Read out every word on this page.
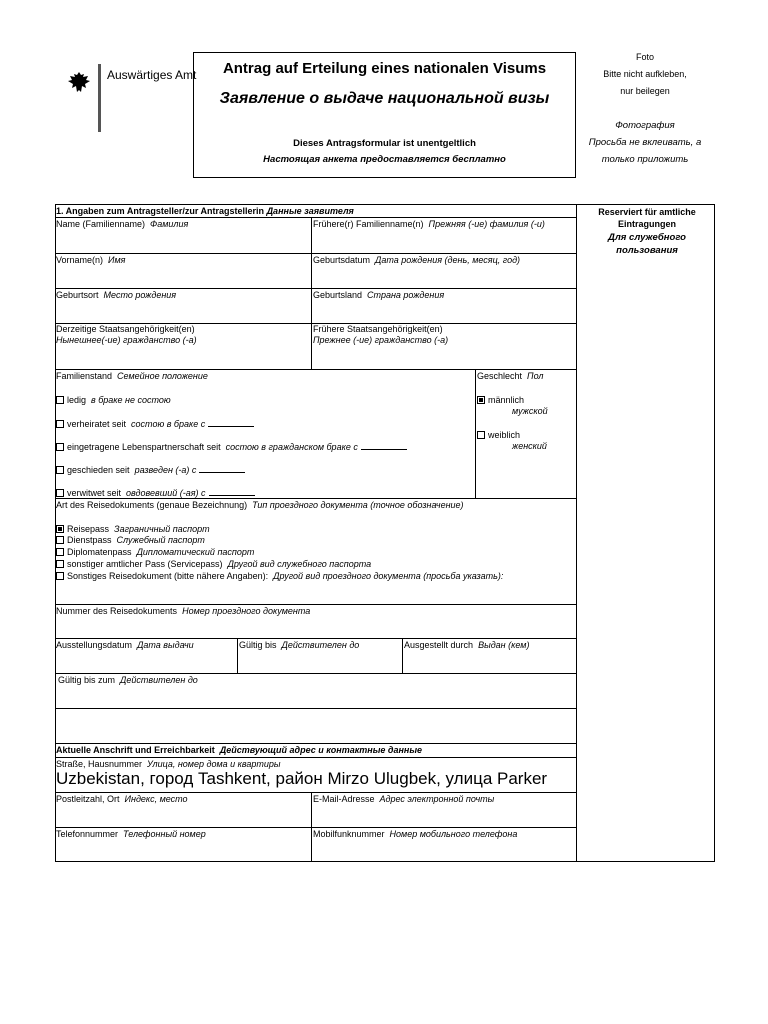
Auswärtiges Amt	Antrag auf Erteilung eines nationalen Visums
Заявление о выдаче национальной визы
Dieses Antragsformular ist unentgeltlich
Настоящая анкета предоставляется бесплатно
Foto
Bitte nicht aufkleben,
nur beilegen
Фотография
Просьба не вклеивать, а
только приложить
Reserviert für amtliche Eintragungen
Для служебного пользования
1. Angaben zum Antragsteller/zur Antragstellerin Данные заявителя
Name (Familienname) Фамилия	Frühere(r) Familienname(n) Прежняя (-ие) фамилия (-и)
Vorname(n) Имя	Geburtsdatum Дата рождения (день, месяц, год)
Geburtsort Место рождения	Geburtsland Страна рождения
Derzeitige Staatsangehörigkeit(en)
Нынешнее(-ие) гражданство (-а)
Frühere Staatsangehörigkeit(en)
Прежнее (-ие) гражданство (-а)
Familienstand Семейное положение
ledig в браке не состою
verheiratet seit состою в браке с
eingetragene Lebenspartnerschaft seit состою в гражданском браке с
geschieden seit разведен (-а) с
verwitwet seit овдовевший (-ая) с
Geschlecht Пол
männlich
мужской
weiblich
женский
Art des Reisedokuments (genaue Bezeichnung) Тип проездного документа (точное обозначение)
Reisepass Заграничный паспорт
Dienstpass Служебный паспорт
Diplomatenpass Дипломатический паспорт
sonstiger amtlicher Pass (Servicepass) Другой вид служебного паспорта
Sonstiges Reisedokument (bitte nähere Angaben): Другой вид проездного документа (просьба указать):
Nummer des Reisedokuments Номер проездного документа
Ausstellungsdatum Дата выдачи	Gültig bis Действителен до	Ausgestellt durch Выдан (кем)
Gültig bis zum Действителен до
Aktuelle Anschrift und Erreichbarkeit Действующий адрес и контактные данные
Straße, Hausnummer Улица, номер дома и квартиры
Uzbekistan, город Tashkent, район Mirzo Ulugbek, улица Parker
Postleitzahl, Ort Индекс, место	E-Mail-Adresse Адрес электронной почты
Telefonnummer Телефонный номер	Mobilfunknummer Номер мобильного телефона
